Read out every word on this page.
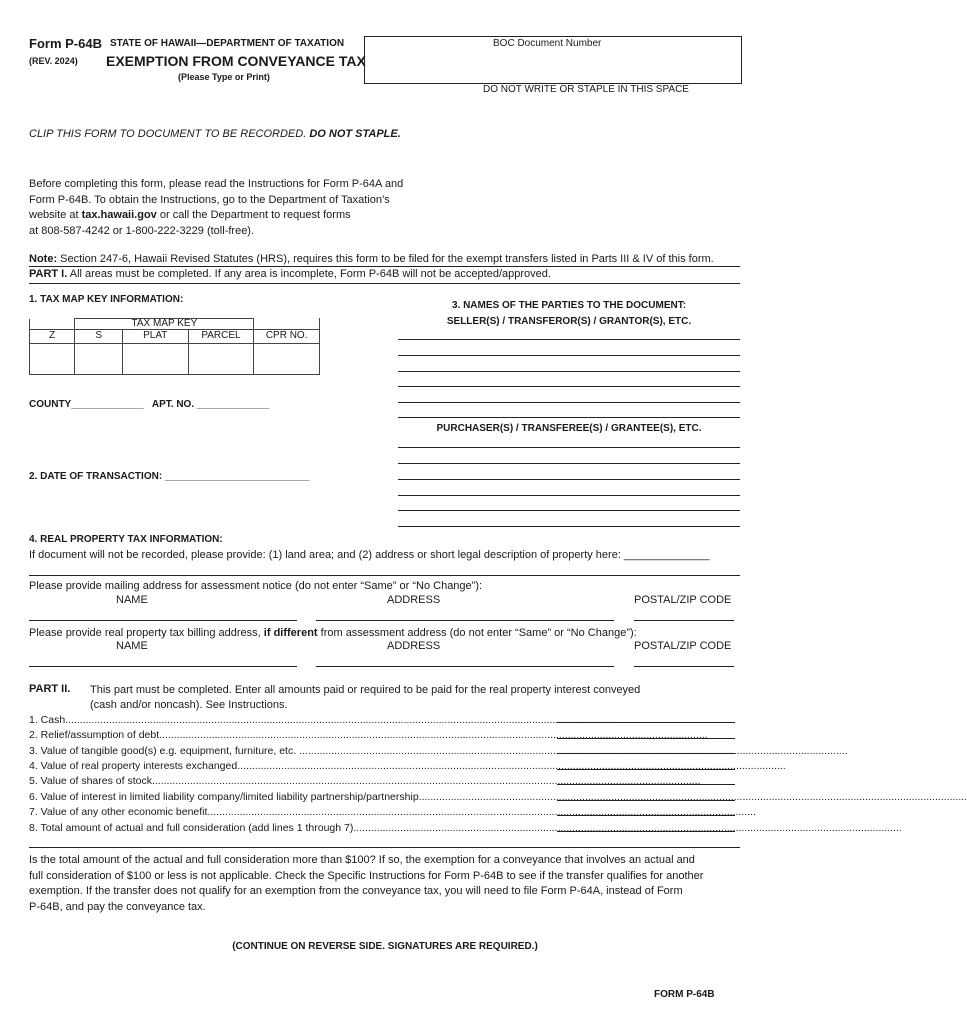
Form P-64B
(REV. 2024)
STATE OF HAWAII—DEPARTMENT OF TAXATION
EXEMPTION FROM CONVEYANCE TAX
(Please Type or Print)
BOC Document Number
DO NOT WRITE OR STAPLE IN THIS SPACE
CLIP THIS FORM TO DOCUMENT TO BE RECORDED. DO NOT STAPLE.
Before completing this form, please read the Instructions for Form P-64A and
Form P-64B. To obtain the Instructions, go to the Department of Taxation’s
website at tax.hawaii.gov or call the Department to request forms
at 808-587-4242 or 1-800-222-3229 (toll-free).
Note: Section 247-6, Hawaii Revised Statutes (HRS), requires this form to be filed for the exempt transfers listed in Parts III & IV of this form.
PART I. All areas must be completed. If any area is incomplete, Form P-64B will not be accepted/approved.
1. TAX MAP KEY INFORMATION:
	TAX MAP KEY			
Z	S	PLAT	PARCEL	CPR NO.

COUNTY_____________ APT. NO. _____________
2. DATE OF TRANSACTION: __________________________
3. NAMES OF THE PARTIES TO THE DOCUMENT:
SELLER(S) / TRANSFEROR(S) / GRANTOR(S), ETC.
PURCHASER(S) / TRANSFEREE(S) / GRANTEE(S), ETC.
4. REAL PROPERTY TAX INFORMATION:
If document will not be recorded, please provide: (1) land area; and (2) address or short legal description of property here: ______________
Please provide mailing address for assessment notice (do not enter “Same” or “No Change”):
NAME	ADDRESS	POSTAL/ZIP CODE
Please provide real property tax billing address, if different from assessment address (do not enter “Same” or “No Change”):
NAME	ADDRESS	POSTAL/ZIP CODE
PART II. This part must be completed. Enter all amounts paid or required to be paid for the real property interest conveyed
(cash and/or noncash). See Instructions.
1. Cash............................................................................................................................................................................................
2. Relief/assumption of debt............................................................................................................................................................................................
3. Value of tangible good(s) e.g. equipment, furniture, etc. ............................................................................................................................................................................................
4. Value of real property interests exchanged............................................................................................................................................................................................
5. Value of shares of stock............................................................................................................................................................................................
6. Value of interest in limited liability company/limited liability partnership/partnership............................................................................................................................................................................................
7. Value of any other economic benefit............................................................................................................................................................................................
8. Total amount of actual and full consideration (add lines 1 through 7)............................................................................................................................................................................................
Is the total amount of the actual and full consideration more than $100? If so, the exemption for a conveyance that involves an actual and
full consideration of $100 or less is not applicable. Check the Specific Instructions for Form P-64B to see if the transfer qualifies for another
exemption. If the transfer does not qualify for an exemption from the conveyance tax, you will need to file Form P-64A, instead of Form
P-64B, and pay the conveyance tax.
(CONTINUE ON REVERSE SIDE. SIGNATURES ARE REQUIRED.)
FORM P-64B
